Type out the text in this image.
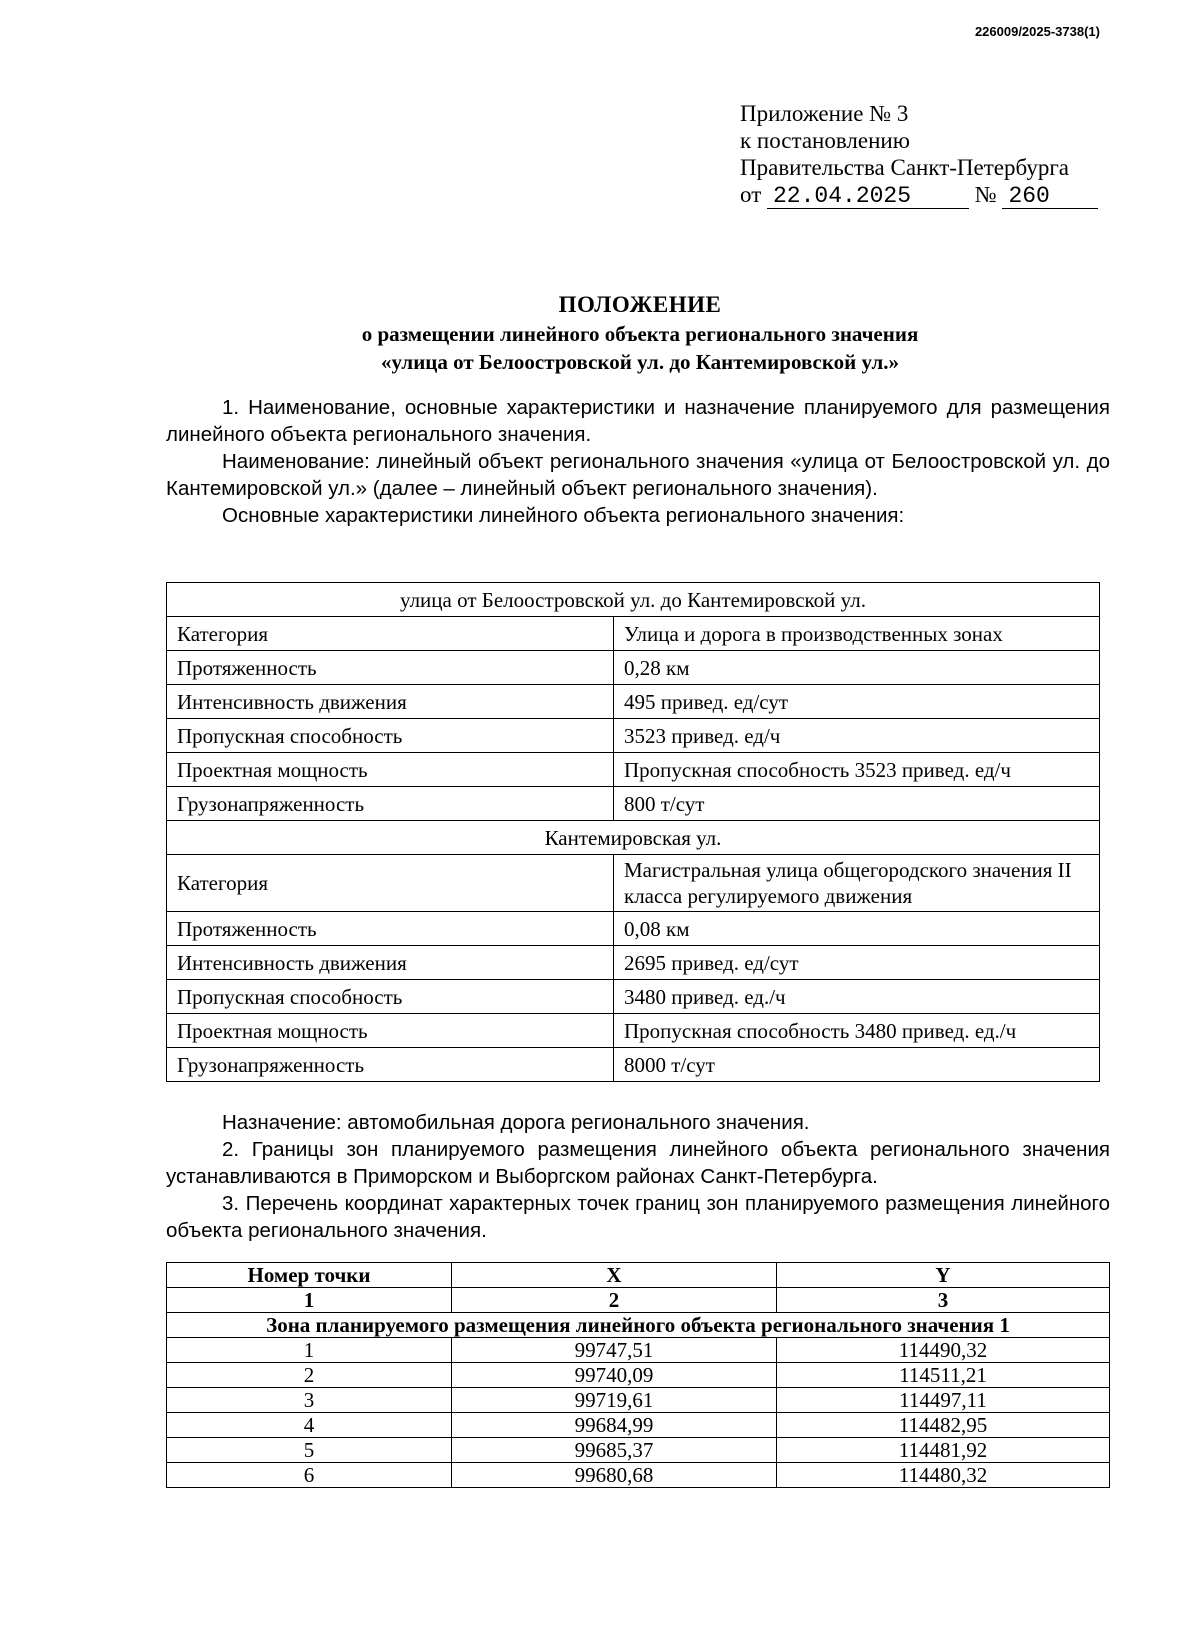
226009/2025-3738(1)
Приложение № 3
к постановлению
Правительства Санкт-Петербурга
от 22.04.2025	№ 260
ПОЛОЖЕНИЕ
о размещении линейного объекта регионального значения
«улица от Белоостровской ул. до Кантемировской ул.»

1. Наименование, основные характеристики и назначение планируемого для размещения линейного объекта регионального значения.

Наименование: линейный объект регионального значения «улица от Белоостровской ул. до Кантемировской ул.» (далее – линейный объект регионального значения).

Основные характеристики линейного объекта регионального значения:

улица от Белоостровской ул. до Кантемировской ул.	
Категория	Улица и дорога в производственных зонах
Протяженность	0,28 км
Интенсивность движения	495 привед. ед/сут
Пропускная способность	3523 привед. ед/ч
Проектная мощность	Пропускная способность 3523 привед. ед/ч
Грузонапряженность	800 т/сут
Кантемировская ул.	
Категория	Магистральная улица общегородского значения II класса регулируемого движения
Протяженность	0,08 км
Интенсивность движения	2695 привед. ед/сут
Пропускная способность	3480 привед. ед./ч
Проектная мощность	Пропускная способность 3480 привед. ед./ч
Грузонапряженность	8000 т/сут

Назначение: автомобильная дорога регионального значения.

2. Границы зон планируемого размещения линейного объекта регионального значения устанавливаются в Приморском и Выборгском районах Санкт-Петербурга.

3. Перечень координат характерных точек границ зон планируемого размещения линейного объекта регионального значения.

Номер точки	X	Y
1	2	3
Зона планируемого размещения линейного объекта регионального значения 1		
1	99747,51	114490,32
2	99740,09	114511,21
3	99719,61	114497,11
4	99684,99	114482,95
5	99685,37	114481,92
6	99680,68	114480,32
